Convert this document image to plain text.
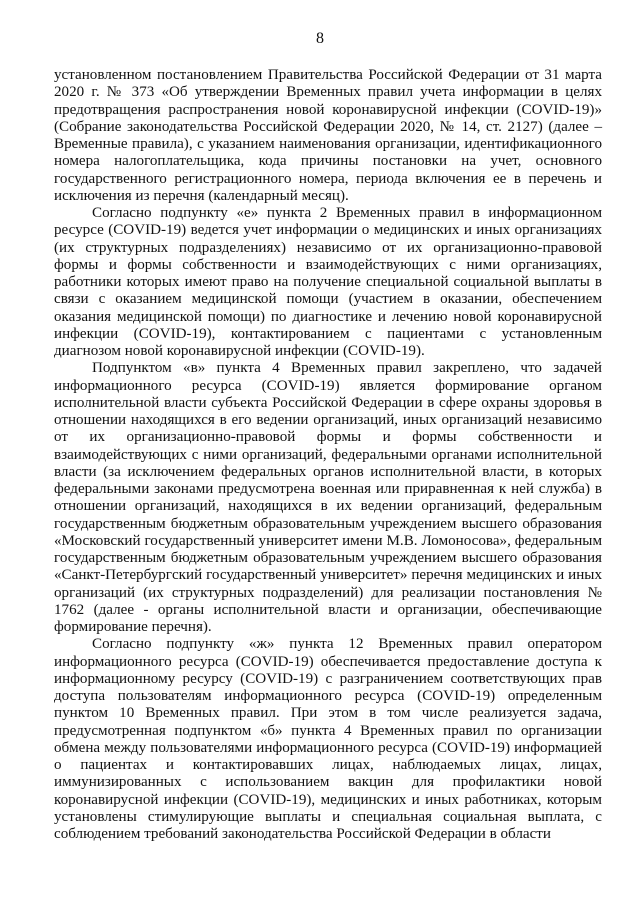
8

установленном постановлением Правительства Российской Федерации от 31 марта 2020 г. № 373 «Об утверждении Временных правил учета информации в целях предотвращения распространения новой коронавирусной инфекции (COVID-19)» (Собрание законодательства Российской Федерации 2020, № 14, ст. 2127) (далее – Временные правила), с указанием наименования организации, идентификационного номера налогоплательщика, кода причины постановки на учет, основного государственного регистрационного номера, периода включения ее в перечень и исключения из перечня (календарный месяц).

Согласно подпункту «е» пункта 2 Временных правил в информационном ресурсе (COVID-19) ведется учет информации о медицинских и иных организациях (их структурных подразделениях) независимо от их организационно-правовой формы и формы собственности и взаимодействующих с ними организациях, работники которых имеют право на получение специальной социальной выплаты в связи с оказанием медицинской помощи (участием в оказании, обеспечением оказания медицинской помощи) по диагностике и лечению новой коронавирусной инфекции (COVID-19), контактированием с пациентами с установленным диагнозом новой коронавирусной инфекции (COVID-19).

Подпунктом «в» пункта 4 Временных правил закреплено, что задачей информационного ресурса (COVID-19) является формирование органом исполнительной власти субъекта Российской Федерации в сфере охраны здоровья в отношении находящихся в его ведении организаций, иных организаций независимо от их организационно-правовой формы и формы собственности и взаимодействующих с ними организаций, федеральными органами исполнительной власти (за исключением федеральных органов исполнительной власти, в которых федеральными законами предусмотрена военная или приравненная к ней служба) в отношении организаций, находящихся в их ведении организаций, федеральным государственным бюджетным образовательным учреждением высшего образования «Московский государственный университет имени М.В. Ломоносова», федеральным государственным бюджетным образовательным учреждением высшего образования «Санкт-Петербургский государственный университет» перечня медицинских и иных организаций (их структурных подразделений) для реализации постановления № 1762 (далее - органы исполнительной власти и организации, обеспечивающие формирование перечня).

Согласно подпункту «ж» пункта 12 Временных правил оператором информационного ресурса (COVID-19) обеспечивается предоставление доступа к информационному ресурсу (COVID-19) с разграничением соответствующих прав доступа пользователям информационного ресурса (COVID-19) определенным пунктом 10 Временных правил. При этом в том числе реализуется задача, предусмотренная подпунктом «б» пункта 4 Временных правил по организации обмена между пользователями информационного ресурса (COVID-19) информацией о пациентах и контактировавших лицах, наблюдаемых лицах, лицах, иммунизированных с использованием вакцин для профилактики новой коронавирусной инфекции (COVID-19), медицинских и иных работниках, которым установлены стимулирующие выплаты и специальная социальная выплата, с соблюдением требований законодательства Российской Федерации в области
